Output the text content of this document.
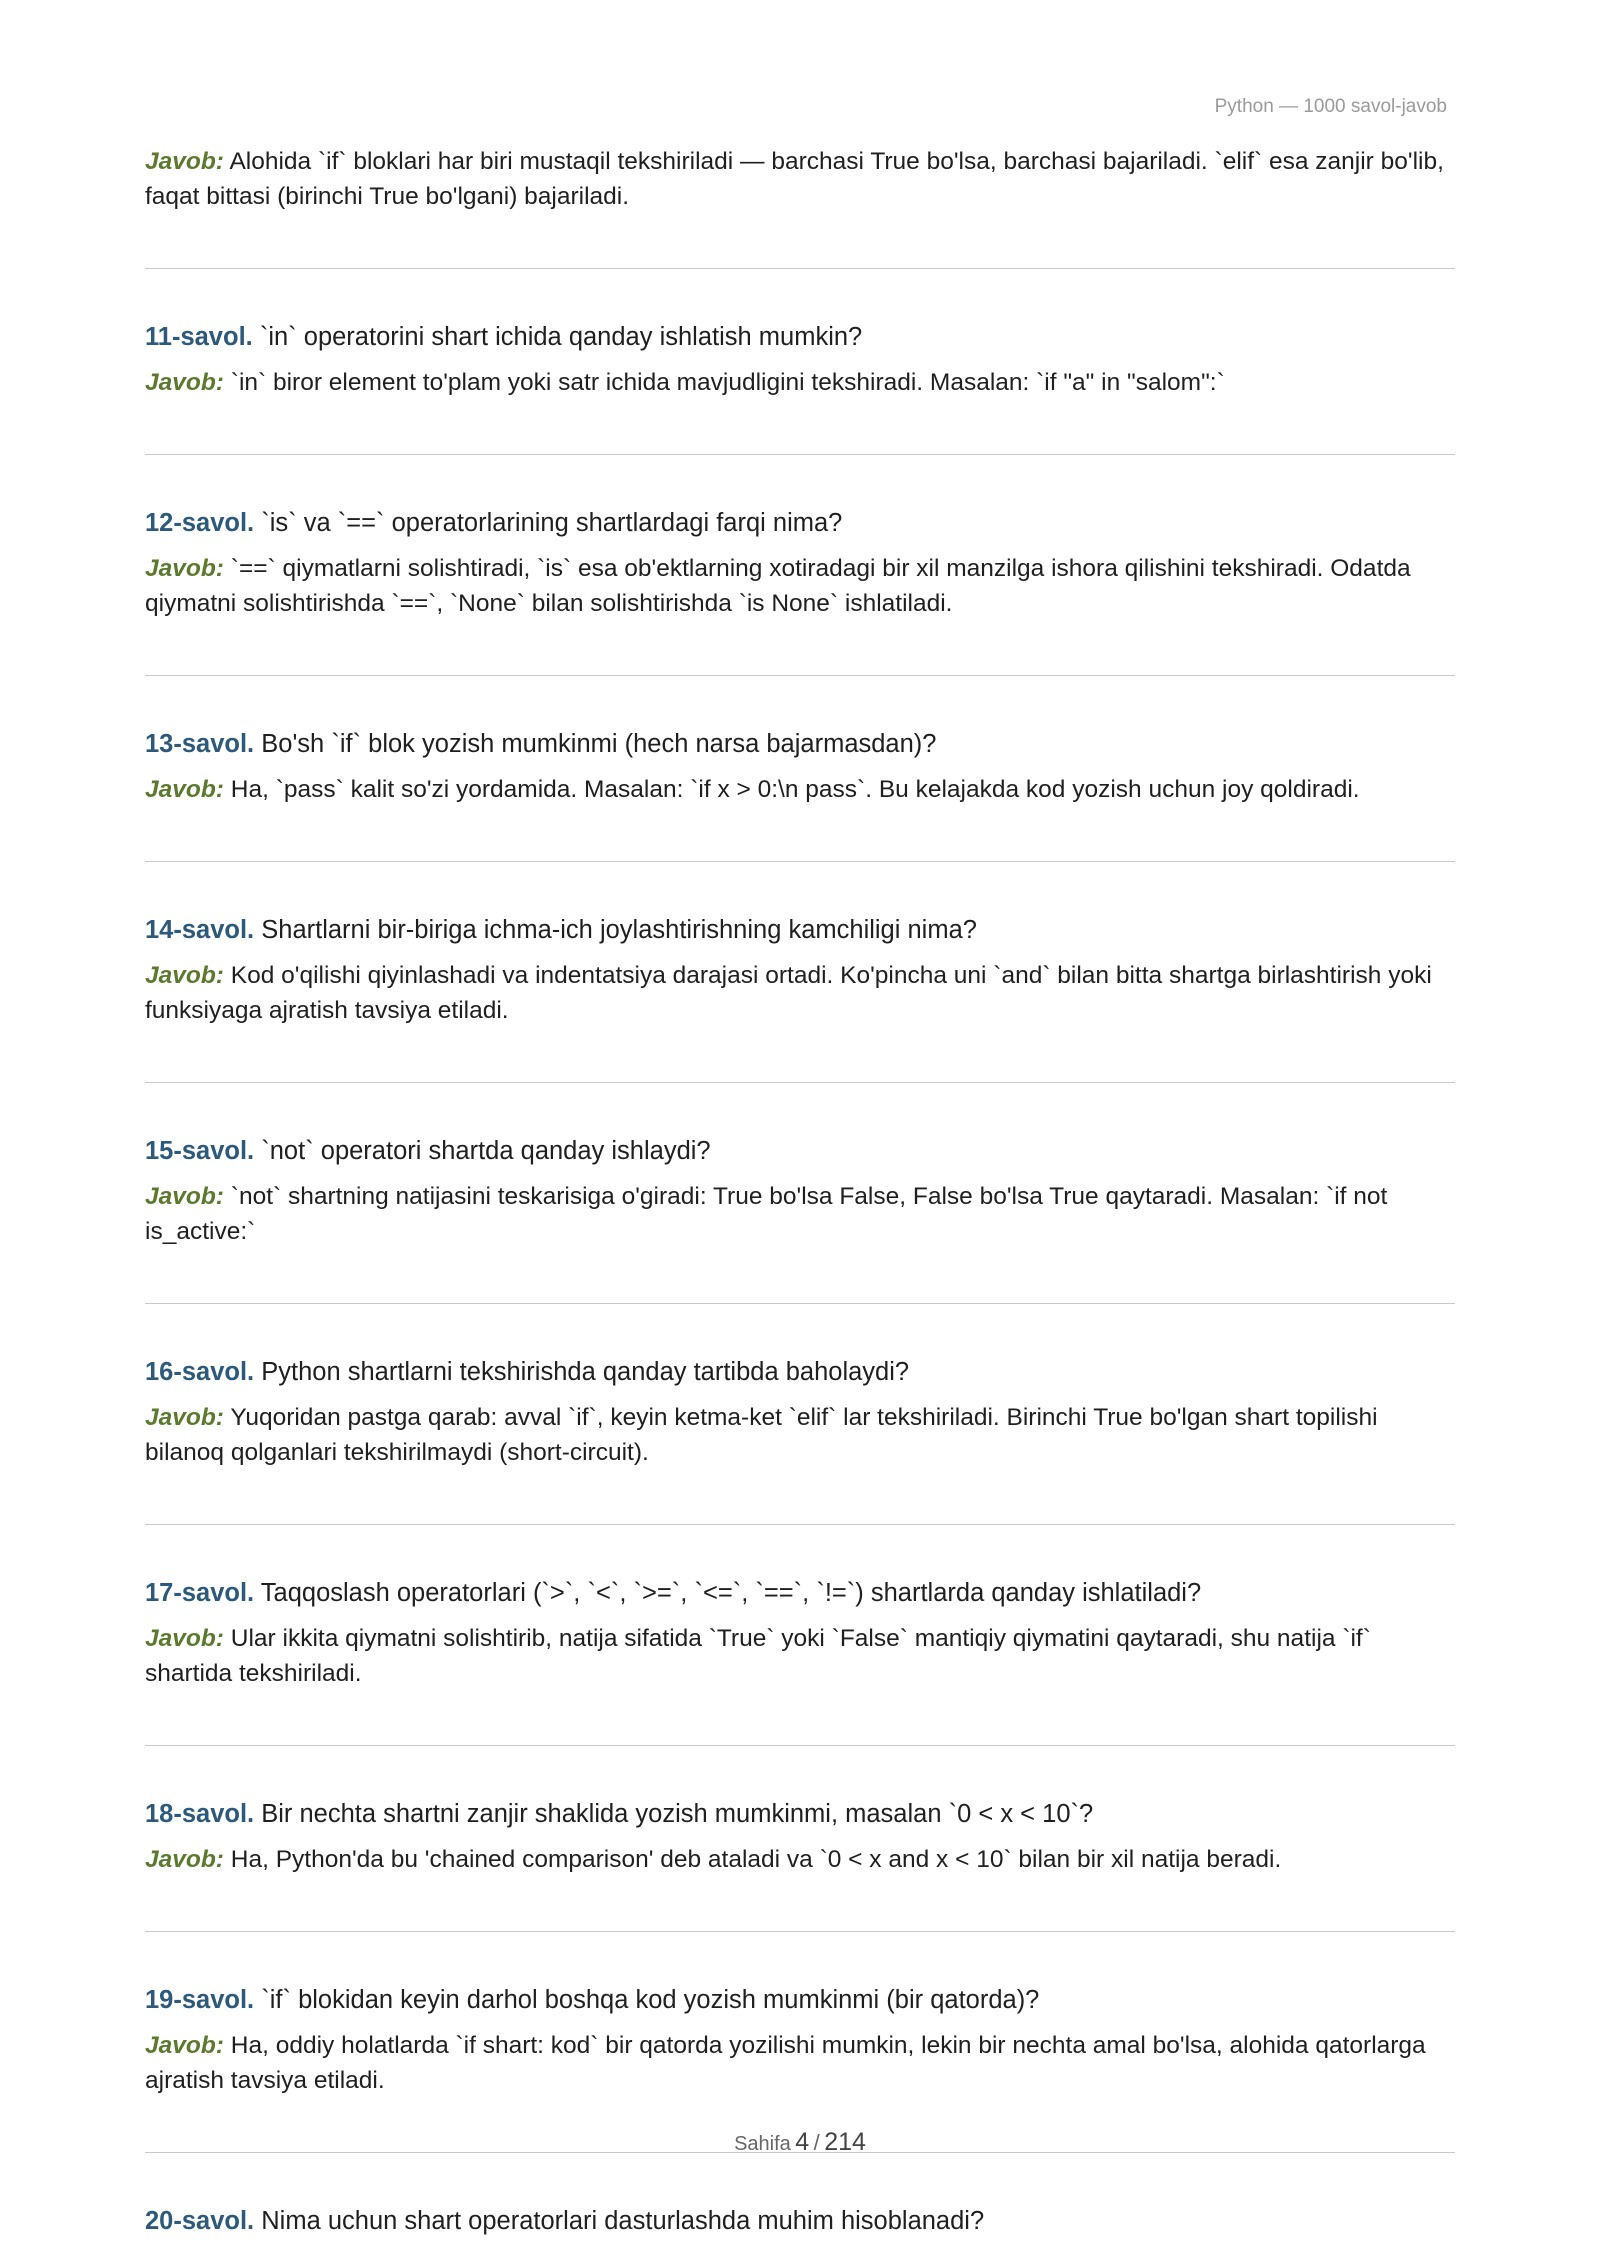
Python — 1000 savol-javob

Javob: Alohida `if` bloklari har biri mustaqil tekshiriladi — barchasi True bo'lsa, barchasi bajariladi. `elif` esa zanjir bo'lib, faqat bittasi (birinchi True bo'lgani) bajariladi.

11-savol. `in` operatorini shart ichida qanday ishlatish mumkin?

Javob: `in` biror element to'plam yoki satr ichida mavjudligini tekshiradi. Masalan: `if "a" in "salom":`

12-savol. `is` va `==` operatorlarining shartlardagi farqi nima?

Javob: `==` qiymatlarni solishtiradi, `is` esa ob'ektlarning xotiradagi bir xil manzilga ishora qilishini tekshiradi. Odatda qiymatni solishtirishda `==`, `None` bilan solishtirishda `is None` ishlatiladi.

13-savol. Bo'sh `if` blok yozish mumkinmi (hech narsa bajarmasdan)?

Javob: Ha, `pass` kalit so'zi yordamida. Masalan: `if x > 0:\n pass`. Bu kelajakda kod yozish uchun joy qoldiradi.

14-savol. Shartlarni bir-biriga ichma-ich joylashtirishning kamchiligi nima?

Javob: Kod o'qilishi qiyinlashadi va indentatsiya darajasi ortadi. Ko'pincha uni `and` bilan bitta shartga birlashtirish yoki funksiyaga ajratish tavsiya etiladi.

15-savol. `not` operatori shartda qanday ishlaydi?

Javob: `not` shartning natijasini teskarisiga o'giradi: True bo'lsa False, False bo'lsa True qaytaradi. Masalan: `if not is_active:`

16-savol. Python shartlarni tekshirishda qanday tartibda baholaydi?

Javob: Yuqoridan pastga qarab: avval `if`, keyin ketma-ket `elif` lar tekshiriladi. Birinchi True bo'lgan shart topilishi bilanoq qolganlari tekshirilmaydi (short-circuit).

17-savol. Taqqoslash operatorlari (`>`, `<`, `>=`, `<=`, `==`, `!=`) shartlarda qanday ishlatiladi?

Javob: Ular ikkita qiymatni solishtirib, natija sifatida `True` yoki `False` mantiqiy qiymatini qaytaradi, shu natija `if` shartida tekshiriladi.

18-savol. Bir nechta shartni zanjir shaklida yozish mumkinmi, masalan `0 < x < 10`?

Javob: Ha, Python'da bu 'chained comparison' deb ataladi va `0 < x and x < 10` bilan bir xil natija beradi.

19-savol. `if` blokidan keyin darhol boshqa kod yozish mumkinmi (bir qatorda)?

Javob: Ha, oddiy holatlarda `if shart: kod` bir qatorda yozilishi mumkin, lekin bir nechta amal bo'lsa, alohida qatorlarga ajratish tavsiya etiladi.

20-savol. Nima uchun shart operatorlari dasturlashda muhim hisoblanadi?

Sahifa 4 / 214
